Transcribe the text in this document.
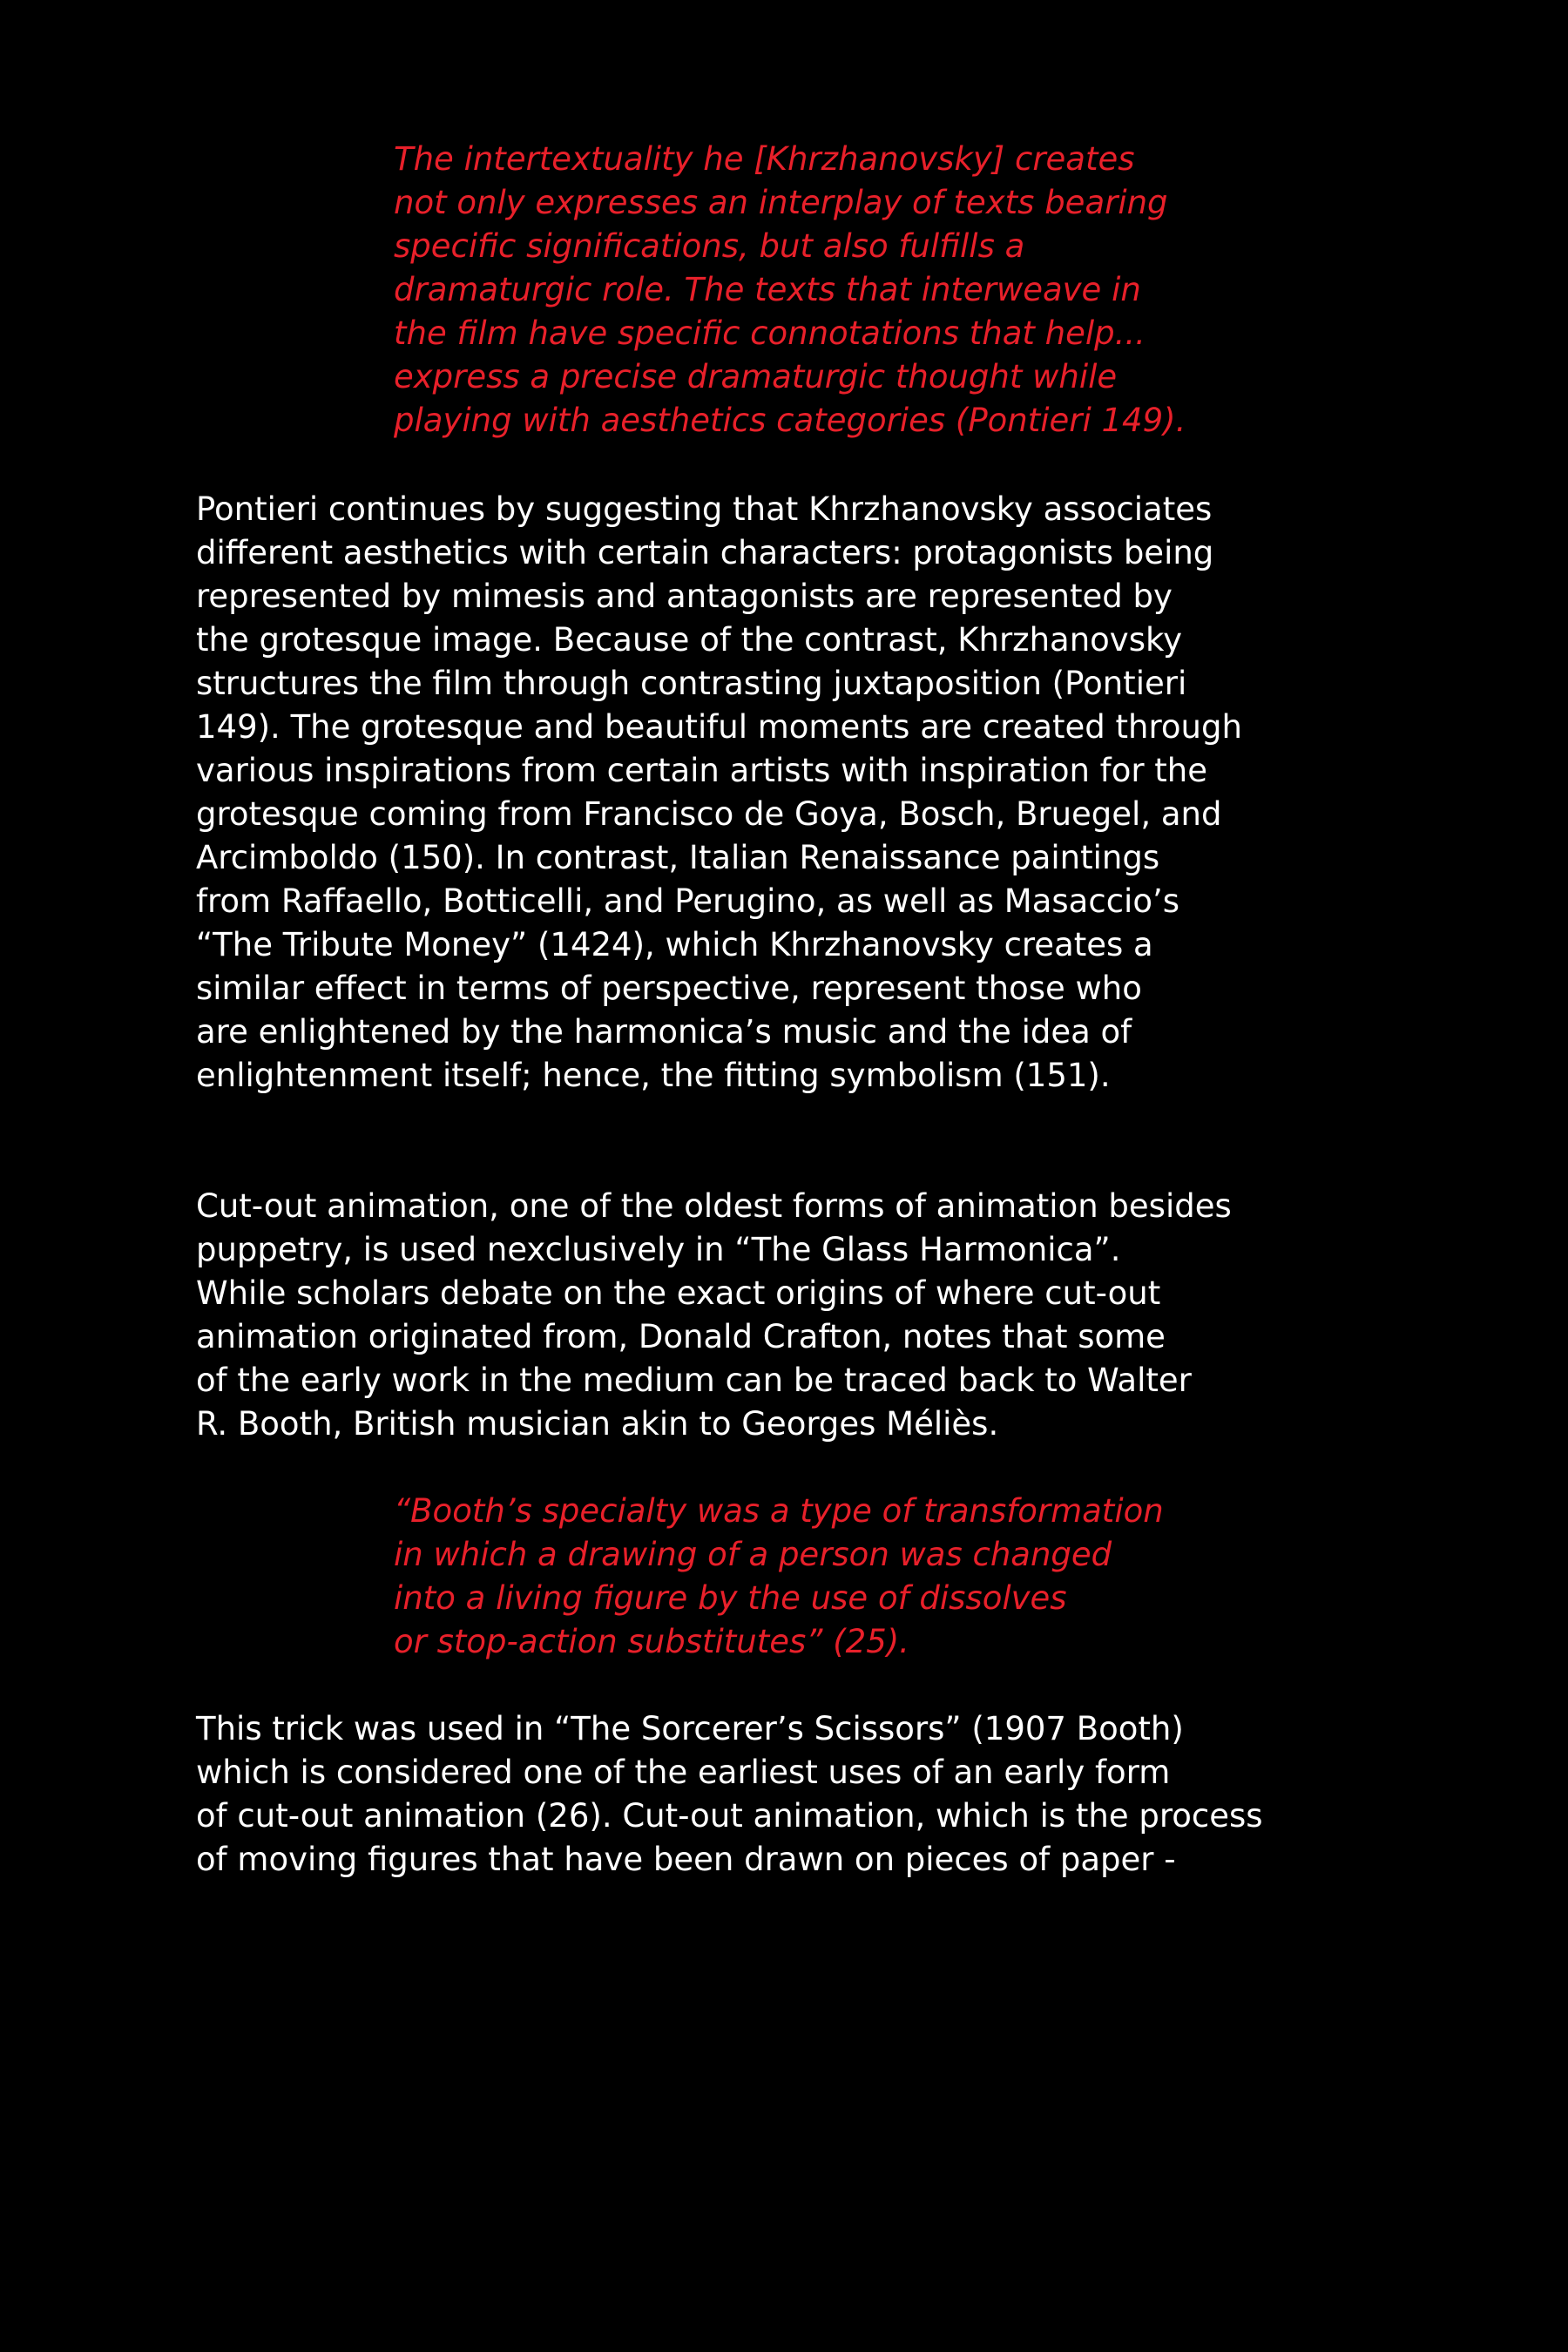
The intertextuality he [Khrzhanovsky] creates
not only expresses an interplay of texts bearing
specific significations, but also fulfills a
dramaturgic role. The texts that interweave in
the film have specific connotations that help...
express a precise dramaturgic thought while
playing with aesthetics categories (Pontieri 149).
Pontieri continues by suggesting that Khrzhanovsky associates
different aesthetics with certain characters: protagonists being
represented by mimesis and antagonists are represented by
the grotesque image. Because of the contrast, Khrzhanovsky
structures the film through contrasting juxtaposition (Pontieri
149). The grotesque and beautiful moments are created through
various inspirations from certain artists with inspiration for the
grotesque coming from Francisco de Goya, Bosch, Bruegel, and
Arcimboldo (150). In contrast, Italian Renaissance paintings
from Raffaello, Botticelli, and Perugino, as well as Masaccio’s
“The Tribute Money” (1424), which Khrzhanovsky creates a
similar effect in terms of perspective, represent those who
are enlightened by the harmonica’s music and the idea of
enlightenment itself; hence, the fitting symbolism (151).
Cut-out animation, one of the oldest forms of animation besides
puppetry, is used nexclusively in “The Glass Harmonica”.
While scholars debate on the exact origins of where cut-out
animation originated from, Donald Crafton, notes that some
of the early work in the medium can be traced back to Walter
R. Booth, British musician akin to Georges Méliès.
“Booth’s specialty was a type of transformation
in which a drawing of a person was changed
into a living figure by the use of dissolves
or stop-action substitutes” (25).
This trick was used in “The Sorcerer’s Scissors” (1907 Booth)
which is considered one of the earliest uses of an early form
of cut-out animation (26). Cut-out animation, which is the process
of moving figures that have been drawn on pieces of paper -
